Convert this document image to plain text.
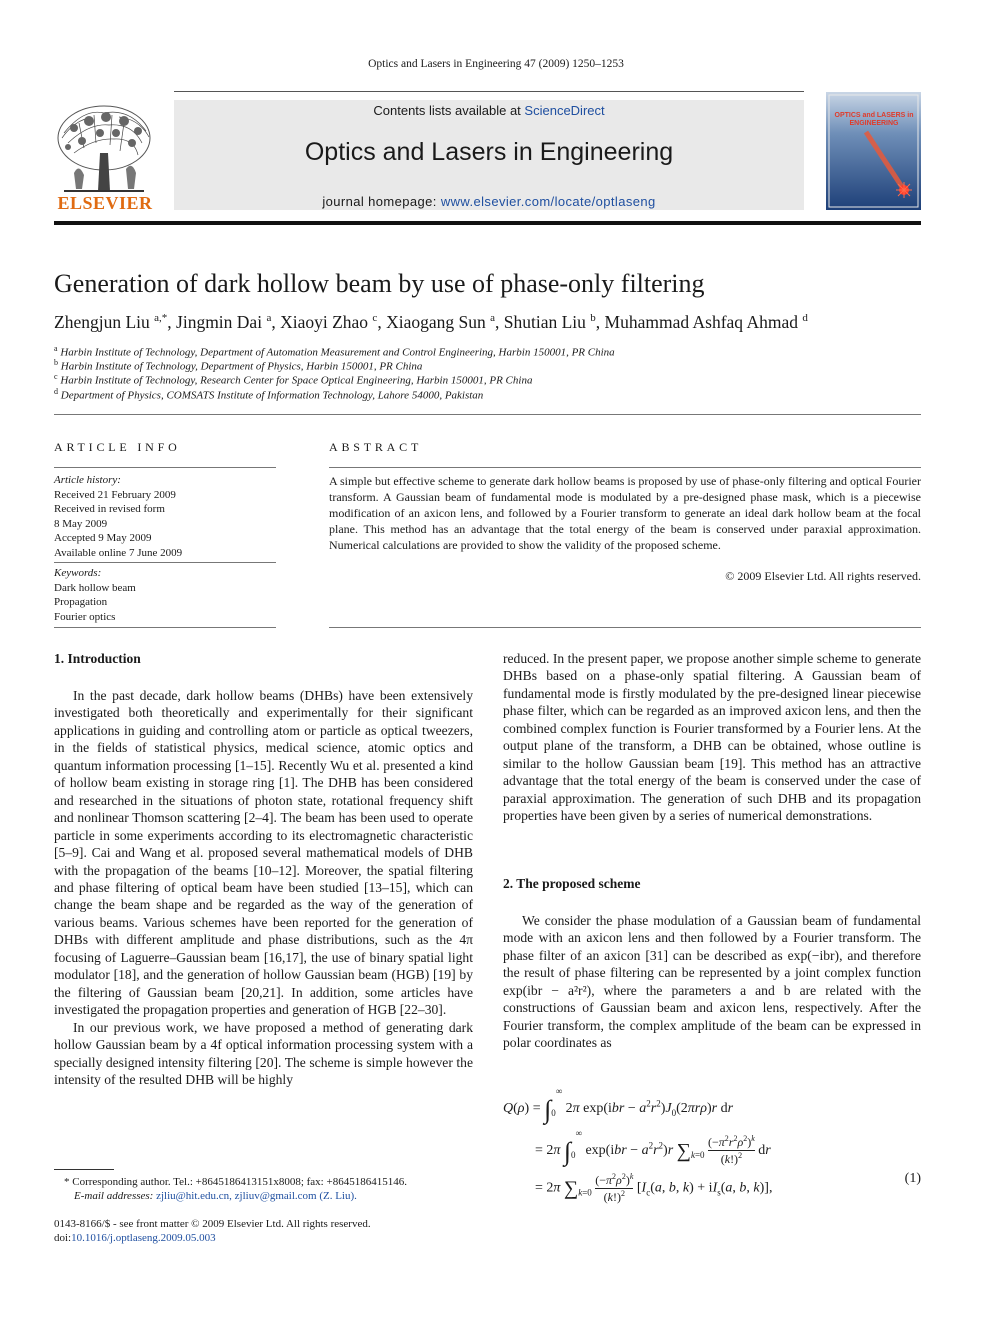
Optics and Lasers in Engineering 47 (2009) 1250–1253
ELSEVIER
Contents lists available at ScienceDirect
Optics and Lasers in Engineering
journal homepage: www.elsevier.com/locate/optlaseng
OPTICS and LASERS in ENGINEERING
Generation of dark hollow beam by use of phase-only filtering
Zhengjun Liu $^{a,*}$, Jingmin Dai $^a$, Xiaoyi Zhao $^c$, Xiaogang Sun $^a$, Shutian Liu $^b$, Muhammad Ashfaq Ahmad $^d$
$^a$ Harbin Institute of Technology, Department of Automation Measurement and Control Engineering, Harbin 150001, PR China
$^b$ Harbin Institute of Technology, Department of Physics, Harbin 150001, PR China
$^c$ Harbin Institute of Technology, Research Center for Space Optical Engineering, Harbin 150001, PR China
$^d$ Department of Physics, COMSATS Institute of Information Technology, Lahore 54000, Pakistan
ARTICLE INFO
Article history:
Received 21 February 2009
Received in revised form
8 May 2009
Accepted 9 May 2009
Available online 7 June 2009
Keywords:
Dark hollow beam
Propagation
Fourier optics
ABSTRACT
A simple but effective scheme to generate dark hollow beams is proposed by use of phase-only filtering and optical Fourier transform. A Gaussian beam of fundamental mode is modulated by a pre-designed phase mask, which is a piecewise modification of an axicon lens, and followed by a Fourier transform to generate an ideal dark hollow beam at the focal plane. This method has an advantage that the total energy of the beam is conserved under paraxial approximation. Numerical calculations are provided to show the validity of the proposed scheme.
© 2009 Elsevier Ltd. All rights reserved.
1. Introduction

In the past decade, dark hollow beams (DHBs) have been extensively investigated both theoretically and experimentally for their significant applications in guiding and controlling atom or particle as optical tweezers, in the fields of statistical physics, medical science, atomic optics and quantum information processing [1–15]. Recently Wu et al. presented a kind of hollow beam existing in storage ring [1]. The DHB has been considered and researched in the situations of photon state, rotational frequency shift and nonlinear Thomson scattering [2–4]. The beam has been used to operate particle in some experiments according to its electromagnetic characteristic [5–9]. Cai and Wang et al. proposed several mathematical models of DHB with the propagation of the beams [10–12]. Moreover, the spatial filtering and phase filtering of optical beam have been studied [13–15], which can change the beam shape and be regarded as the way of the generation of various beams. Various schemes have been reported for the generation of DHBs with different amplitude and phase distributions, such as the 4π focusing of Laguerre–Gaussian beam [16,17], the use of binary spatial light modulator [18], and the generation of hollow Gaussian beam (HGB) [19] by the filtering of Gaussian beam [20,21]. In addition, some articles have investigated the propagation properties and generation of HGB [22–30].

In our previous work, we have proposed a method of generating dark hollow Gaussian beam by a 4f optical information processing system with a specially designed intensity filtering [20]. The scheme is simple however the intensity of the resulted DHB will be highly

reduced. In the present paper, we propose another simple scheme to generate DHBs based on a phase-only spatial filtering. A Gaussian beam of fundamental mode is firstly modulated by the pre-designed linear piecewise phase filter, which can be regarded as an improved axicon lens, and then the combined complex function is Fourier transformed by a Fourier lens. At the output plane of the transform, a DHB can be obtained, whose outline is similar to the hollow Gaussian beam [19]. This method has an attractive advantage that the total energy of the beam is conserved under the case of paraxial approximation. The generation of such DHB and its propagation properties have been given by a series of numerical demonstrations.

2. The proposed scheme

We consider the phase modulation of a Gaussian beam of fundamental mode with an axicon lens and then followed by a Fourier transform. The phase filter of an axicon [31] can be described as exp(−ibr), and therefore the result of phase filtering can be represented by a joint complex function exp(ibr − a²r²), where the parameters a and b are related with the constructions of Gaussian beam and axicon lens, respectively. After the Fourier transform, the complex amplitude of the beam can be expressed in polar coordinates as

$Q(\rho) = \int_0^\infty$ 2π $\exp(ibr - a^2r^2)J_0(2\pi r\rho)r$ dr
= 2π $\int_0^\infty$ $\exp(ibr - a^2r^2)r$ $\sum_{k=0} \frac{(-\pi^2r^2\rho^2)^k}{(k!)^2}$ dr
= 2π $\sum_{k=0} \frac{(-\pi^2\rho^2)^k}{(k!)^2} [I_c(a$, b, $k) + iI_s(a$, b, k)],
(1)
* Corresponding author. Tel.: +8645186413151x8008; fax: +8645186415146.
E-mail addresses: zjliu@hit.edu.cn, zjliuv@gmail.com (Z. Liu).
0143-8166/$ - see front matter © 2009 Elsevier Ltd. All rights reserved.
doi:10.1016/j.optlaseng.2009.05.003
